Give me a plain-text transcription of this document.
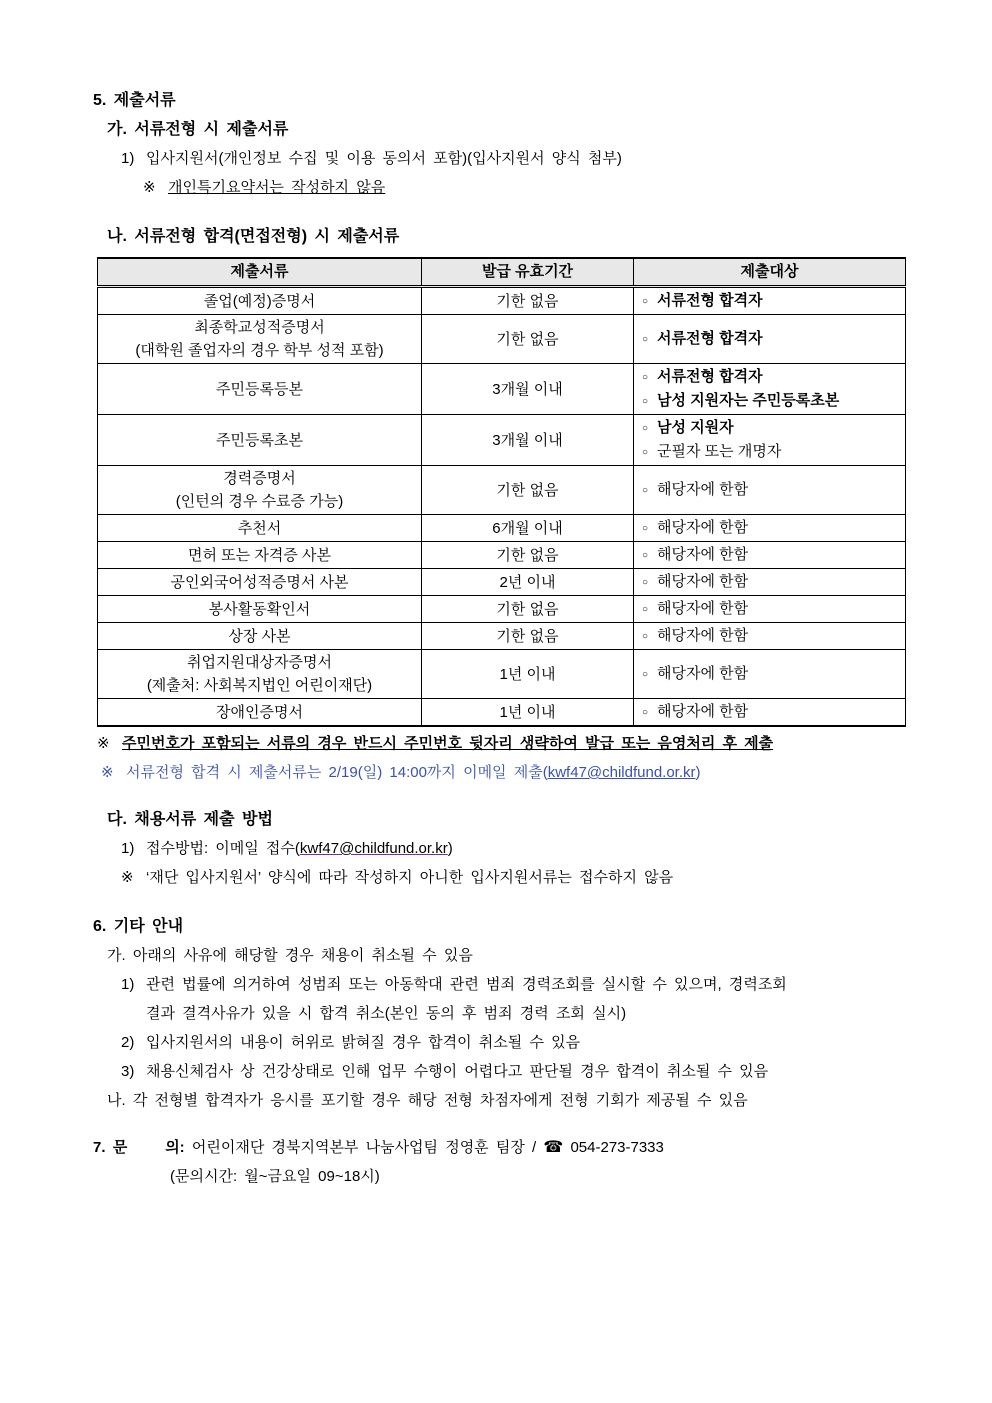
5. 제출서류
가. 서류전형 시 제출서류
1) 입사지원서(개인정보 수집 및 이용 동의서 포함)(입사지원서 양식 첨부)
※ 개인특기요약서는 작성하지 않음
나. 서류전형 합격(면접전형) 시 제출서류
제출서류	발급 유효기간	제출대상

졸업(예정)증명서	기한 없음	○ 서류전형 합격자

최종학교성적증명서
(대학원 졸업자의 경우 학부 성적 포함)	기한 없음	○ 서류전형 합격자

주민등록등본	3개월 이내	○ 서류전형 합격자
○ 남성 지원자는 주민등록초본

주민등록초본	3개월 이내	○ 남성 지원자
○ 군필자 또는 개명자

경력증명서
(인턴의 경우 수료증 가능)	기한 없음	○ 해당자에 한함

추천서	6개월 이내	○ 해당자에 한함

면허 또는 자격증 사본	기한 없음	○ 해당자에 한함

공인외국어성적증명서 사본	2년 이내	○ 해당자에 한함

봉사활동확인서	기한 없음	○ 해당자에 한함

상장 사본	기한 없음	○ 해당자에 한함

취업지원대상자증명서
(제출처: 사회복지법인 어린이재단)	1년 이내	○ 해당자에 한함

장애인증명서	1년 이내	○ 해당자에 한함
※ 주민번호가 포함되는 서류의 경우 반드시 주민번호 뒷자리 생략하여 발급 또는 음영처리 후 제출
※ 서류전형 합격 시 제출서류는 2/19(일) 14:00까지 이메일 제출(kwf47@childfund.or.kr)
다. 채용서류 제출 방법
1) 접수방법: 이메일 접수(kwf47@childfund.or.kr)
※ ‘재단 입사지원서’ 양식에 따라 작성하지 아니한 입사지원서류는 접수하지 않음
6. 기타 안내
가. 아래의 사유에 해당할 경우 채용이 취소될 수 있음
1) 관련 법률에 의거하여 성범죄 또는 아동학대 관련 범죄 경력조회를 실시할 수 있으며, 경력조회
결과 결격사유가 있을 시 합격 취소(본인 동의 후 범죄 경력 조회 실시)
2) 입사지원서의 내용이 허위로 밝혀질 경우 합격이 취소될 수 있음
3) 채용신체검사 상 건강상태로 인해 업무 수행이 어렵다고 판단될 경우 합격이 취소될 수 있음
나. 각 전형별 합격자가 응시를 포기할 경우 해당 전형 차점자에게 전형 기회가 제공될 수 있음
7. 문	의: 어린이재단 경북지역본부 나눔사업팀 정영훈 팀장 / ☎ 054-273-7333
(문의시간: 월~금요일 09~18시)
